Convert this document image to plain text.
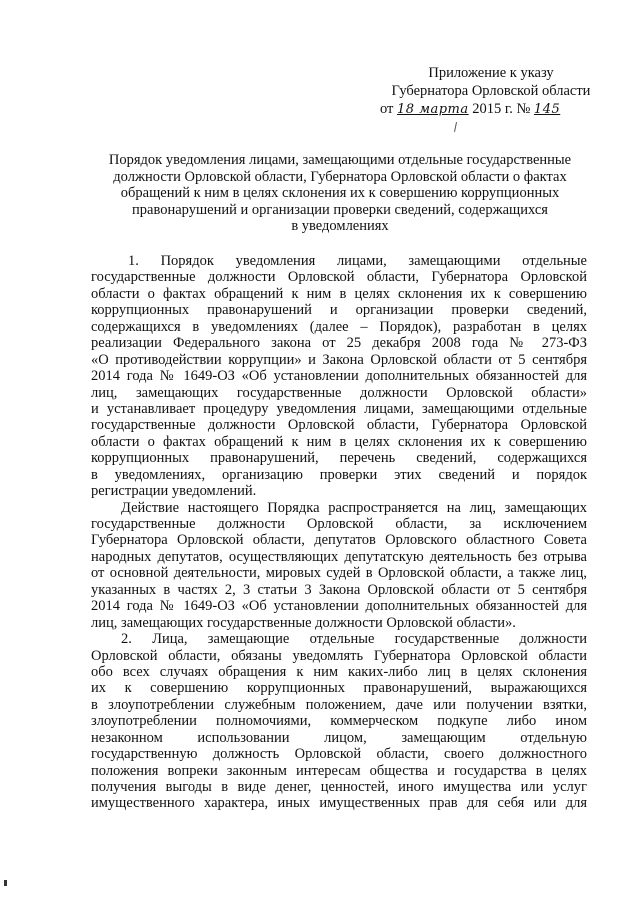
Приложение к указу
Губернатора Орловской области
от 18 марта 2015 г. № 145
Порядок уведомления лицами, замещающими отдельные государственные
должности Орловской области, Губернатора Орловской области о фактах
обращений к ним в целях склонения их к совершению коррупционных
правонарушений и организации проверки сведений, содержащихся
в уведомлениях
1. Порядок уведомления лицами, замещающими отдельные
государственные должности Орловской области, Губернатора Орловской
области о фактах обращений к ним в целях склонения их к совершению
коррупционных правонарушений и организации проверки сведений,
содержащихся в уведомлениях (далее – Порядок), разработан в целях
реализации Федерального закона от 25 декабря 2008 года № 273-ФЗ
«О противодействии коррупции» и Закона Орловской области от 5 сентября
2014 года № 1649-ОЗ «Об установлении дополнительных обязанностей для
лиц, замещающих государственные должности Орловской области»
и устанавливает процедуру уведомления лицами, замещающими отдельные
государственные должности Орловской области, Губернатора Орловской
области о фактах обращений к ним в целях склонения их к совершению
коррупционных правонарушений, перечень сведений, содержащихся
в уведомлениях, организацию проверки этих сведений и порядок
регистрации уведомлений.
Действие настоящего Порядка распространяется на лиц, замещающих
государственные должности Орловской области, за исключением
Губернатора Орловской области, депутатов Орловского областного Совета
народных депутатов, осуществляющих депутатскую деятельность без отрыва
от основной деятельности, мировых судей в Орловской области, а также лиц,
указанных в частях 2, 3 статьи 3 Закона Орловской области от 5 сентября
2014 года № 1649-ОЗ «Об установлении дополнительных обязанностей для
лиц, замещающих государственные должности Орловской области».
2. Лица, замещающие отдельные государственные должности
Орловской области, обязаны уведомлять Губернатора Орловской области
обо всех случаях обращения к ним каких-либо лиц в целях склонения
их к совершению коррупционных правонарушений, выражающихся
в злоупотреблении служебным положением, даче или получении взятки,
злоупотреблении полномочиями, коммерческом подкупе либо ином
незаконном использовании лицом, замещающим отдельную
государственную должность Орловской области, своего должностного
положения вопреки законным интересам общества и государства в целях
получения выгоды в виде денег, ценностей, иного имущества или услуг
имущественного характера, иных имущественных прав для себя или для
